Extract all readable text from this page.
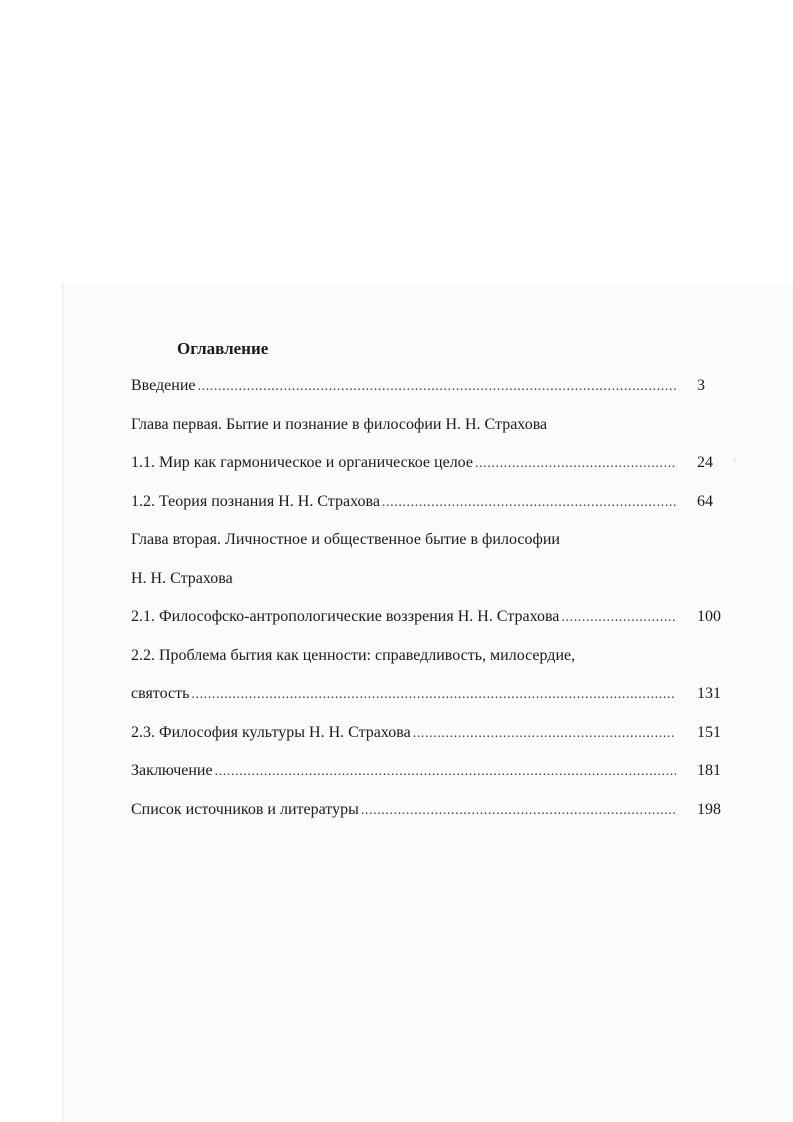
Оглавление
Введение .....	3
Глава первая. Бытие и познание в философии Н. Н. Страхова
1.1. Мир как гармоническое и органическое целое .....	24
1.2. Теория познания Н. Н. Страхова .....	64
Глава вторая. Личностное и общественное бытие в философии
Н. Н. Страхова
2.1. Философско-антропологические воззрения Н. Н. Страхова .....	100
2.2. Проблема бытия как ценности: справедливость, милосердие,
святость .....	131
2.3. Философия культуры Н. Н. Страхова .....	151
Заключение .....	181
Список источников и литературы .....	198
›
